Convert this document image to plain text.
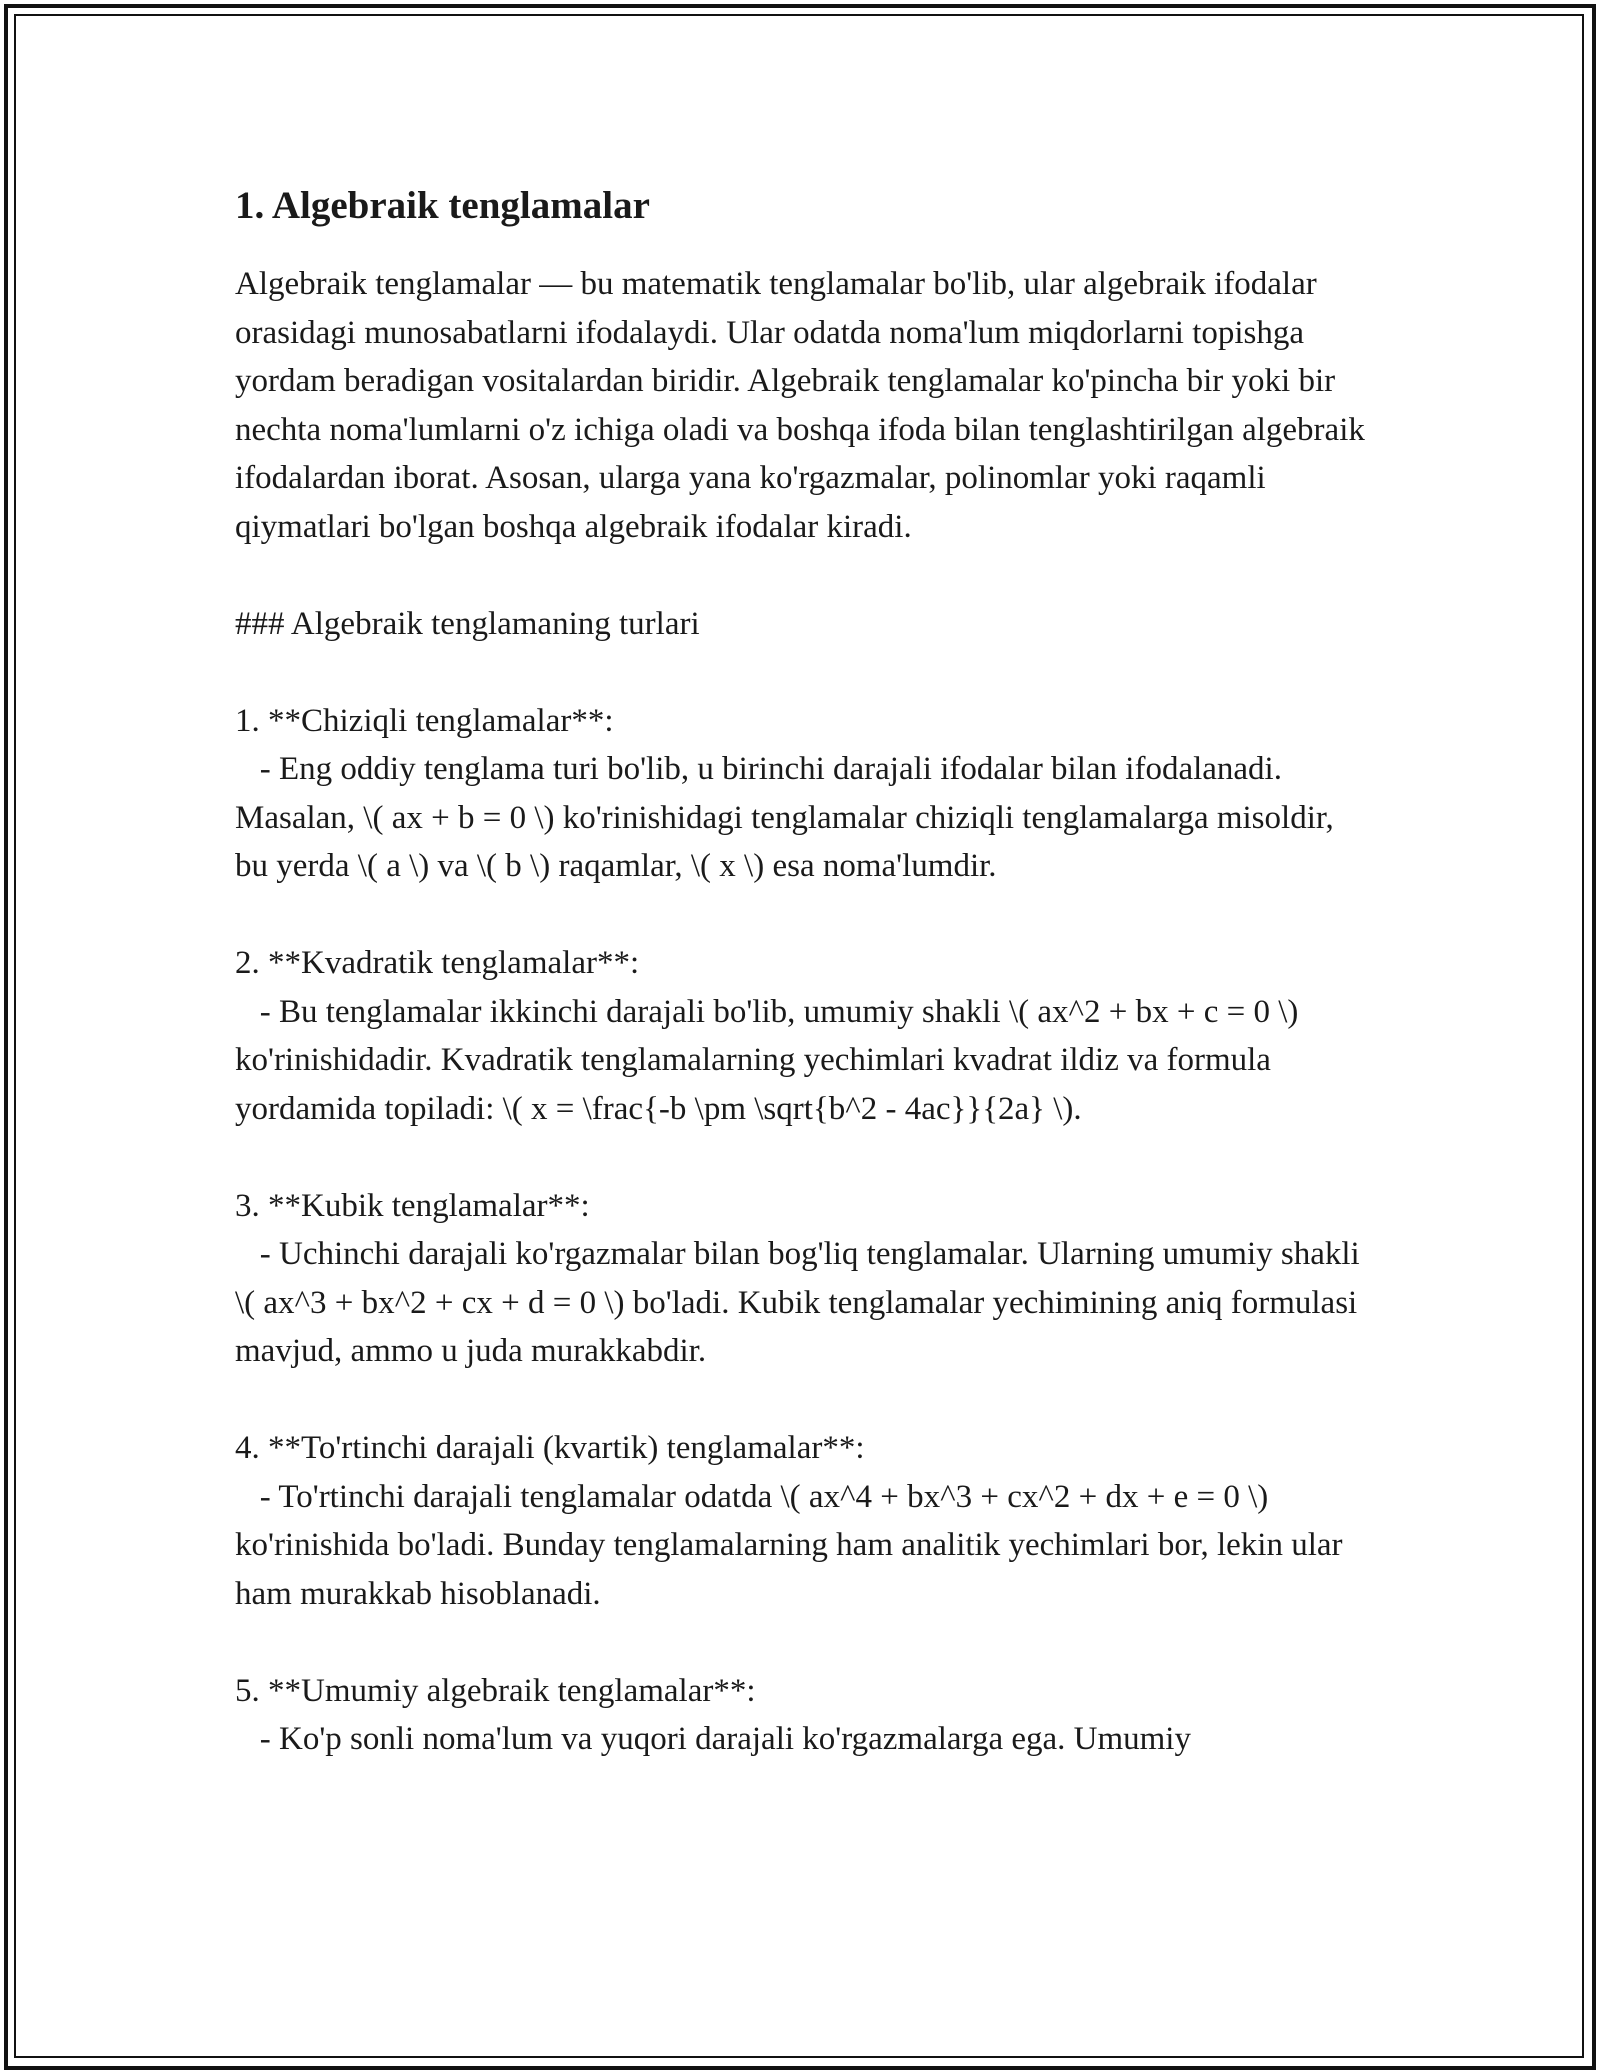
1. Algebraik tenglamalar

Algebraik tenglamalar — bu matematik tenglamalar bo'lib, ular algebraik ifodalar orasidagi munosabatlarni ifodalaydi. Ular odatda noma'lum miqdorlarni topishga yordam beradigan vositalardan biridir. Algebraik tenglamalar ko'pincha bir yoki bir nechta noma'lumlarni o'z ichiga oladi va boshqa ifoda bilan tenglashtirilgan algebraik ifodalardan iborat. Asosan, ularga yana ko'rgazmalar, polinomlar yoki raqamli qiymatlari bo'lgan boshqa algebraik ifodalar kiradi.

### Algebraik tenglamaning turlari

1. **Chiziqli tenglamalar**:
- Eng oddiy tenglama turi bo'lib, u birinchi darajali ifodalar bilan ifodalanadi. Masalan, \( ax + b = 0 \) ko'rinishidagi tenglamalar chiziqli tenglamalarga misoldir, bu yerda \( a \) va \( b \) raqamlar, \( x \) esa noma'lumdir.

2. **Kvadratik tenglamalar**:
- Bu tenglamalar ikkinchi darajali bo'lib, umumiy shakli \( ax^2 + bx + c = 0 \) ko'rinishidadir. Kvadratik tenglamalarning yechimlari kvadrat ildiz va formula yordamida topiladi: \( x = \frac{-b \pm \sqrt{b^2 - 4ac}}{2a} \).

3. **Kubik tenglamalar**:
- Uchinchi darajali ko'rgazmalar bilan bog'liq tenglamalar. Ularning umumiy shakli \( ax^3 + bx^2 + cx + d = 0 \) bo'ladi. Kubik tenglamalar yechimining aniq formulasi mavjud, ammo u juda murakkabdir.

4. **To'rtinchi darajali (kvartik) tenglamalar**:
- To'rtinchi darajali tenglamalar odatda \( ax^4 + bx^3 + cx^2 + dx + e = 0 \) ko'rinishida bo'ladi. Bunday tenglamalarning ham analitik yechimlari bor, lekin ular ham murakkab hisoblanadi.

5. **Umumiy algebraik tenglamalar**:
- Ko'p sonli noma'lum va yuqori darajali ko'rgazmalarga ega. Umumiy
